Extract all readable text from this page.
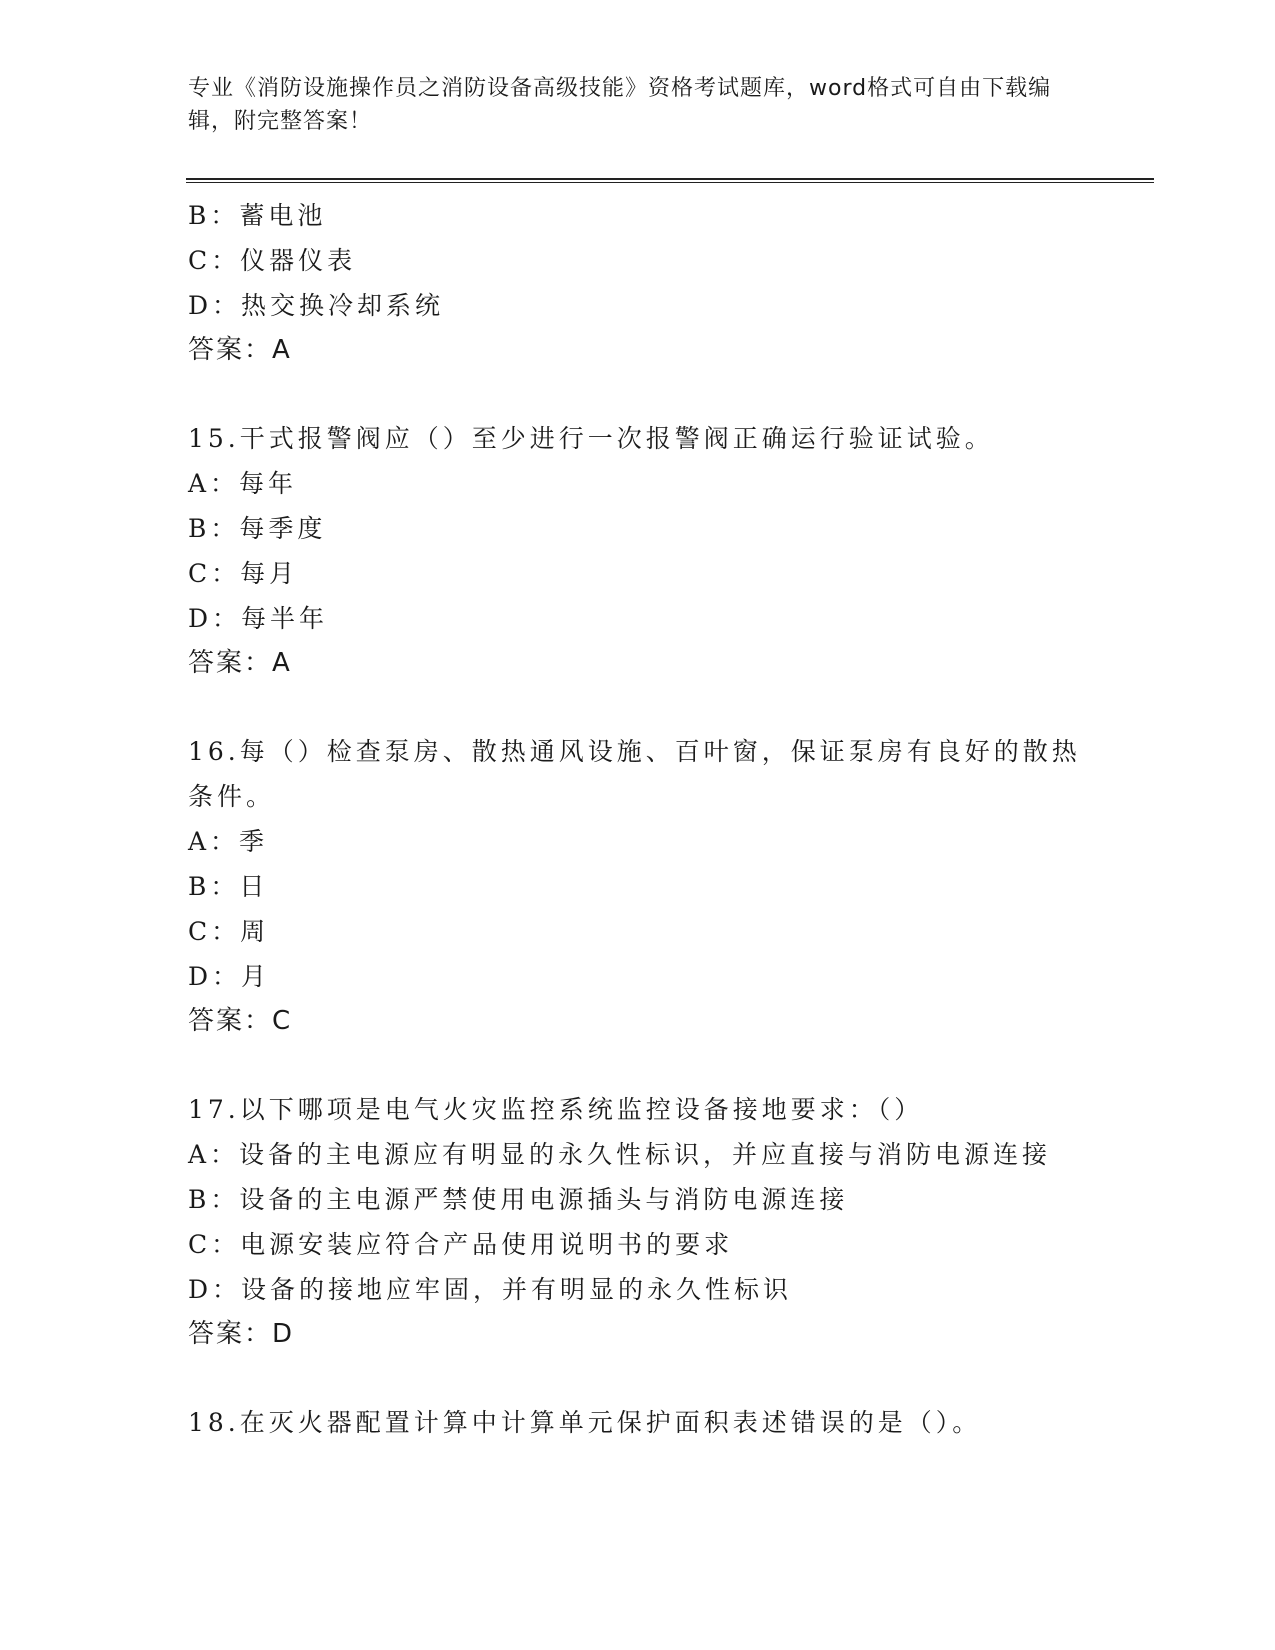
专业《消防设施操作员之消防设备高级技能》资格考试题库，word格式可自由下载编辑，附完整答案！
B：蓄电池
C：仪器仪表
D：热交换冷却系统
答案：A
15.干式报警阀应（）至少进行一次报警阀正确运行验证试验。
A：每年
B：每季度
C：每月
D：每半年
答案：A
16.每（）检查泵房、散热通风设施、百叶窗，保证泵房有良好的散热条件。
A：季
B：日
C：周
D：月
答案：C
17.以下哪项是电气火灾监控系统监控设备接地要求：（）
A：设备的主电源应有明显的永久性标识，并应直接与消防电源连接
B：设备的主电源严禁使用电源插头与消防电源连接
C：电源安装应符合产品使用说明书的要求
D：设备的接地应牢固，并有明显的永久性标识
答案：D
18.在灭火器配置计算中计算单元保护面积表述错误的是（）。
